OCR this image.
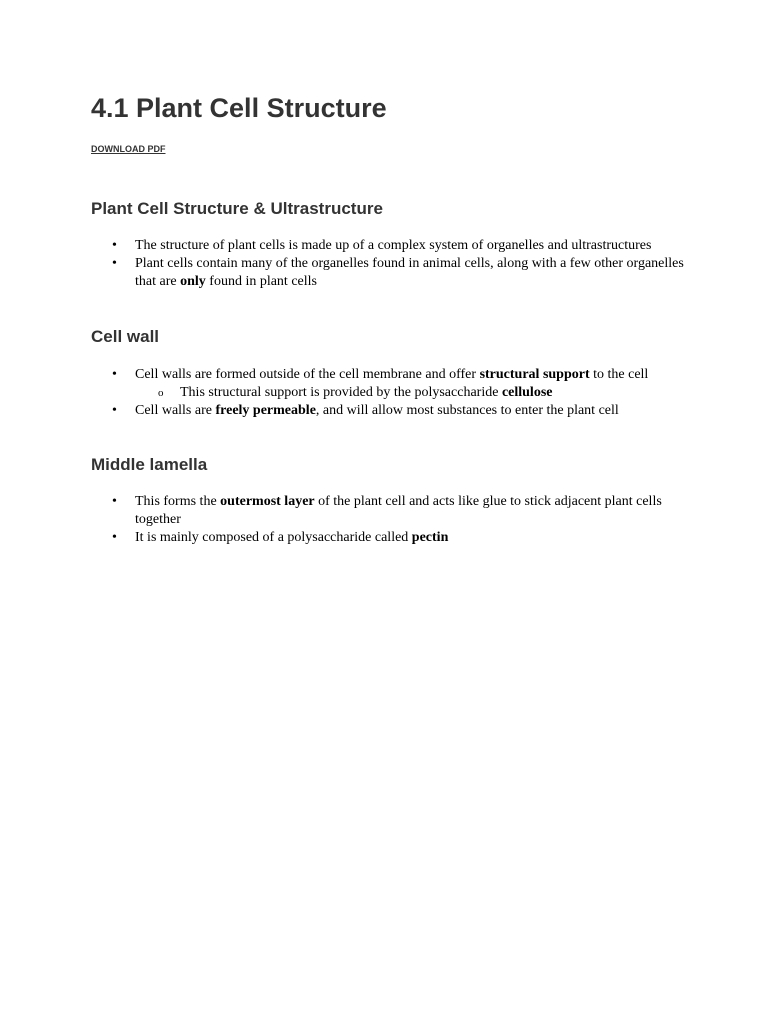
4.1 Plant Cell Structure
DOWNLOAD PDF
Plant Cell Structure & Ultrastructure
• The structure of plant cells is made up of a complex system of organelles and ultrastructures
• Plant cells contain many of the organelles found in animal cells, along with a few other organelles that are only found in plant cells
Cell wall
• Cell walls are formed outside of the cell membrane and offer structural support to the cell
o This structural support is provided by the polysaccharide cellulose
• Cell walls are freely permeable, and will allow most substances to enter the plant cell
Middle lamella
• This forms the outermost layer of the plant cell and acts like glue to stick adjacent plant cells together
• It is mainly composed of a polysaccharide called pectin
